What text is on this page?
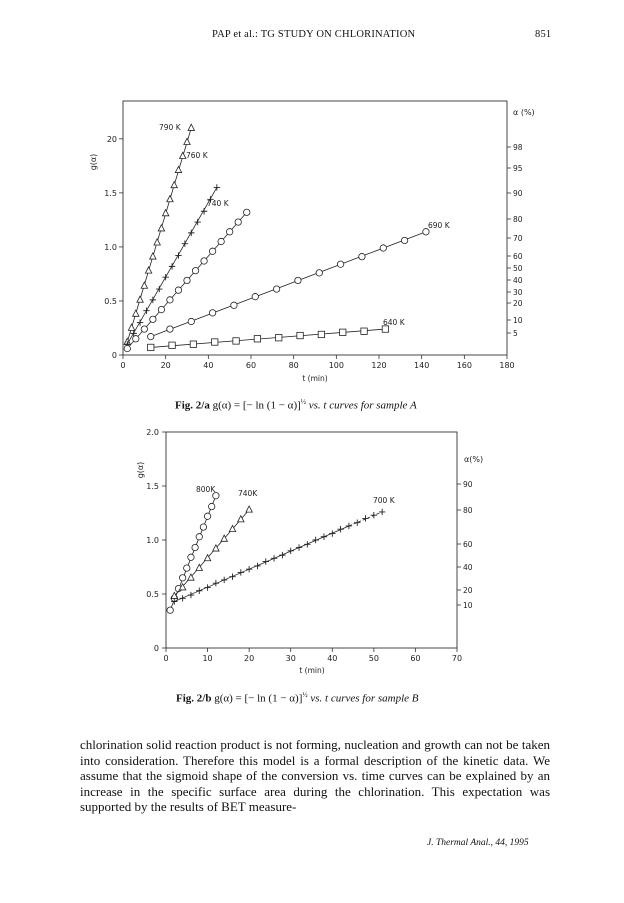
PAP et al.: TG STUDY ON CHLORINATION	851
0	20	40	60	80	100	120	140	160	180
0
0.5
1.0
1.5
20
98
95
90
80
70
60
50
40
30
20
10
5
α (%)
g(α)
t (min)
790 K
760 K
740 K
690 K
640 K
0	10	20	30	40	50	60	70
0
0.5
1.0
1.5
2.0
90
80
60
40
20
10
α(%)
g(α)
t (min)
800K	740K
700 K
Fig. 2/a g(α) = [− ln (1 − α)]$^{\frac{1}{2}}$ vs. t curves for sample A
Fig. 2/b g(α) = [− ln (1 − α)]$^{\frac{1}{2}}$ vs. t curves for sample B
chlorination solid reaction product is not forming, nucleation and growth can not be taken into consideration. Therefore this model is a formal description of the kinetic data. We assume that the sigmoid shape of the conversion vs. time curves can be explained by an increase in the specific surface area during the chlorination. This expectation was supported by the results of BET measure-
J. Thermal Anal., 44, 1995
